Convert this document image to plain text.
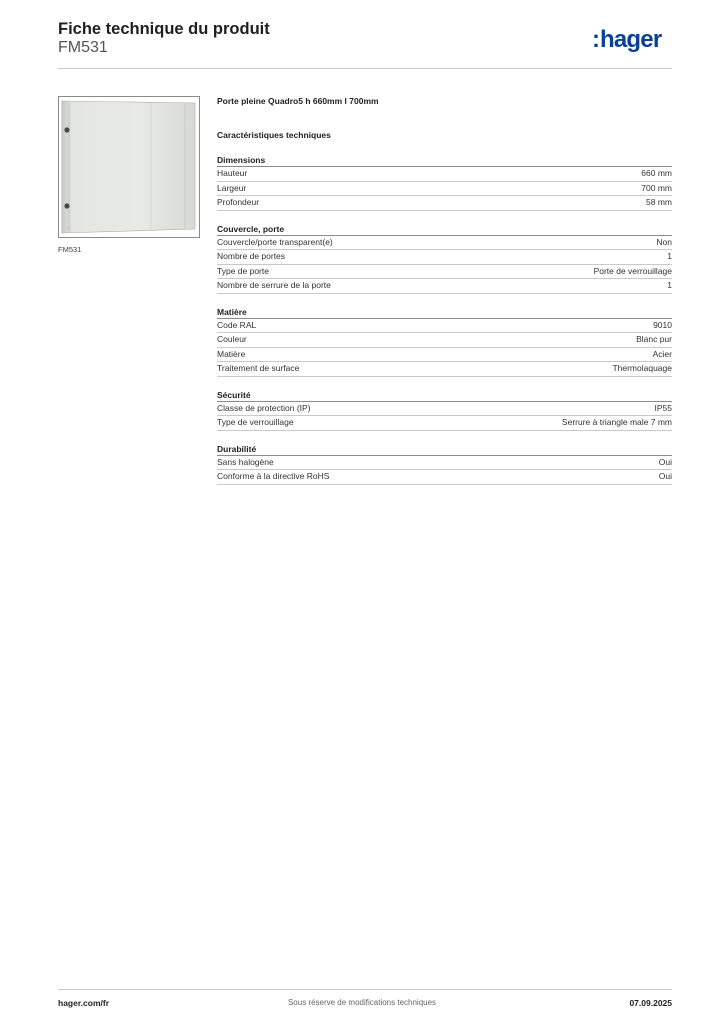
Fiche technique du produit
FM531	:hager
FM531
Porte pleine Quadro5 h 660mm l 700mm
Caractéristiques techniques
Dimensions
Hauteur	660 mm
Largeur	700 mm
Profondeur	58 mm
Couvercle, porte
Couvercle/porte transparent(e)	Non
Nombre de portes	1
Type de porte	Porte de verrouillage
Nombre de serrure de la porte	1
Matière
Code RAL	9010
Couleur	Blanc pur
Matière	Acier
Traitement de surface	Thermolaquage
Sécurité
Classe de protection (IP)	IP55
Type de verrouillage	Serrure à triangle male 7 mm
Durabilité
Sans halogène	Oui
Conforme à la directive RoHS	Oui
hager.com/fr	Sous réserve de modifications techniques	07.09.2025
